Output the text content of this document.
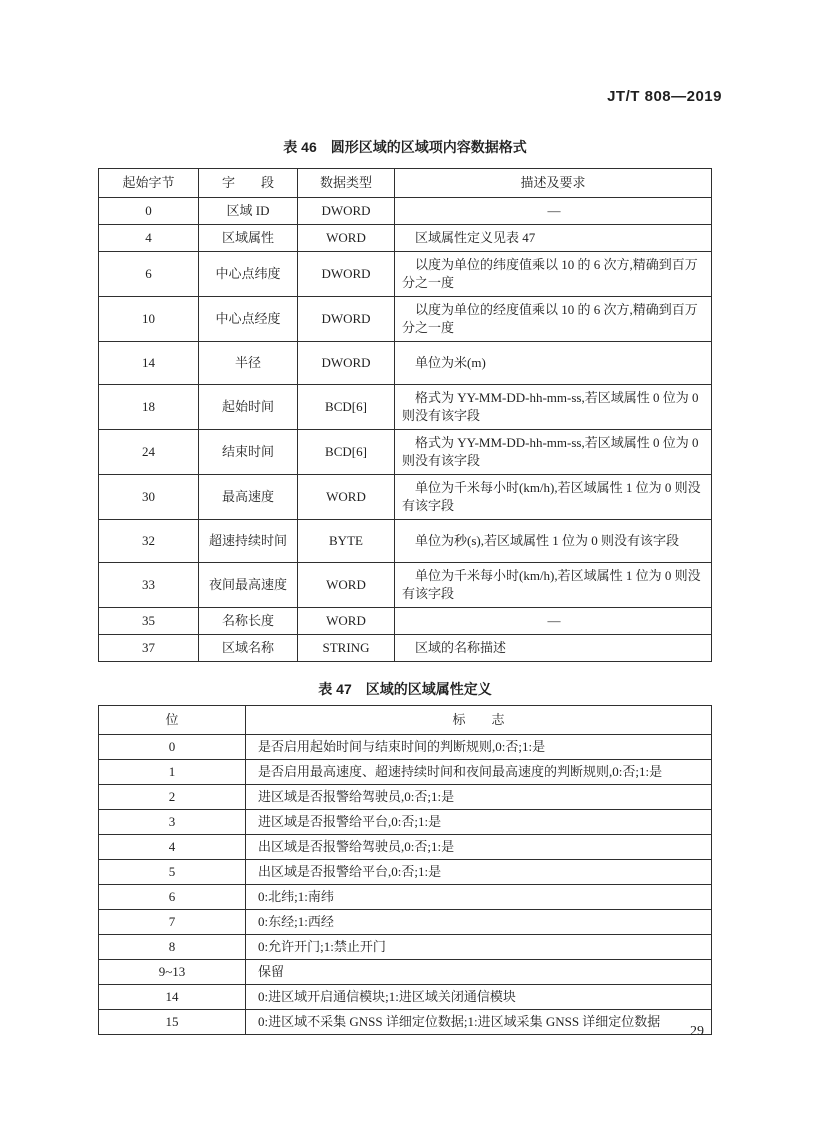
JT/T 808—2019
表 46　圆形区域的区域项内容数据格式
起始字节	字　　段	数据类型	描述及要求
0	区域 ID	DWORD	—
4	区域属性	WORD	区域属性定义见表 47
6	中心点纬度	DWORD	以度为单位的纬度值乘以 10 的 6 次方,精确到百万分之一度
10	中心点经度	DWORD	以度为单位的经度值乘以 10 的 6 次方,精确到百万分之一度
14	半径	DWORD	单位为米(m)
18	起始时间	BCD[6]	格式为 YY-MM-DD-hh-mm-ss,若区域属性 0 位为 0 则没有该字段
24	结束时间	BCD[6]	格式为 YY-MM-DD-hh-mm-ss,若区域属性 0 位为 0 则没有该字段
30	最高速度	WORD	单位为千米每小时(km/h),若区域属性 1 位为 0 则没有该字段
32	超速持续时间	BYTE	单位为秒(s),若区域属性 1 位为 0 则没有该字段
33	夜间最高速度	WORD	单位为千米每小时(km/h),若区域属性 1 位为 0 则没有该字段
35	名称长度	WORD	—
37	区域名称	STRING	区域的名称描述
表 47　区域的区域属性定义
位	标　　志
0	是否启用起始时间与结束时间的判断规则,0:否;1:是
1	是否启用最高速度、超速持续时间和夜间最高速度的判断规则,0:否;1:是
2	进区域是否报警给驾驶员,0:否;1:是
3	进区域是否报警给平台,0:否;1:是
4	出区域是否报警给驾驶员,0:否;1:是
5	出区域是否报警给平台,0:否;1:是
6	0:北纬;1:南纬
7	0:东经;1:西经
8	0:允许开门;1:禁止开门
9~13	保留
14	0:进区域开启通信模块;1:进区域关闭通信模块
15	0:进区域不采集 GNSS 详细定位数据;1:进区域采集 GNSS 详细定位数据
29
